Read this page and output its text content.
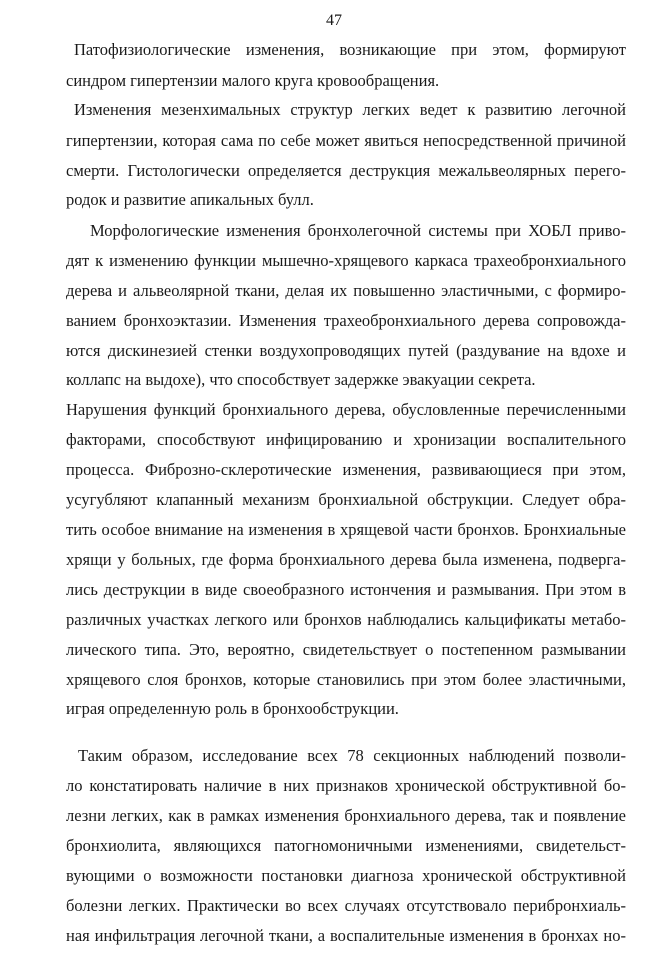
47
Патофизиологические изменения, возникающие при этом, формируют
синдром гипертензии малого круга кровообращения.
Изменения мезенхимальных структур легких ведет к развитию легочной
гипертензии, которая сама по себе может явиться непосредственной причиной
смерти. Гистологически определяется деструкция межальвеолярных перего-
родок и развитие апикальных булл.
Морфологические изменения бронхолегочной системы при ХОБЛ приво-
дят к изменению функции мышечно-хрящевого каркаса трахеобронхиального
дерева и альвеолярной ткани, делая их повышенно эластичными, с формиро-
ванием бронхоэктазии. Изменения трахеобронхиального дерева сопровожда-
ются дискинезией стенки воздухопроводящих путей (раздувание на вдохе и
коллапс на выдохе), что способствует задержке эвакуации секрета.
Нарушения функций бронхиального дерева, обусловленные перечисленными
факторами, способствуют инфицированию и хронизации воспалительного
процесса. Фиброзно-склеротические изменения, развивающиеся при этом,
усугубляют клапанный механизм бронхиальной обструкции. Следует обра-
тить особое внимание на изменения в хрящевой части бронхов. Бронхиальные
хрящи у больных, где форма бронхиального дерева была изменена, подверга-
лись деструкции в виде своеобразного истончения и размывания. При этом в
различных участках легкого или бронхов наблюдались кальцификаты метабо-
лического типа. Это, вероятно, свидетельствует о постепенном размывании
хрящевого слоя бронхов, которые становились при этом более эластичными,
играя определенную роль в бронхообструкции.
Таким образом, исследование всех 78 секционных наблюдений позволи-
ло констатировать наличие в них признаков хронической обструктивной бо-
лезни легких, как в рамках изменения бронхиального дерева, так и появление
бронхиолита, являющихся патогномоничными изменениями, свидетельст-
вующими о возможности постановки диагноза хронической обструктивной
болезни легких. Практически во всех случаях отсутствовало перибронхиаль-
ная инфильтрация легочной ткани, а воспалительные изменения в бронхах но-
